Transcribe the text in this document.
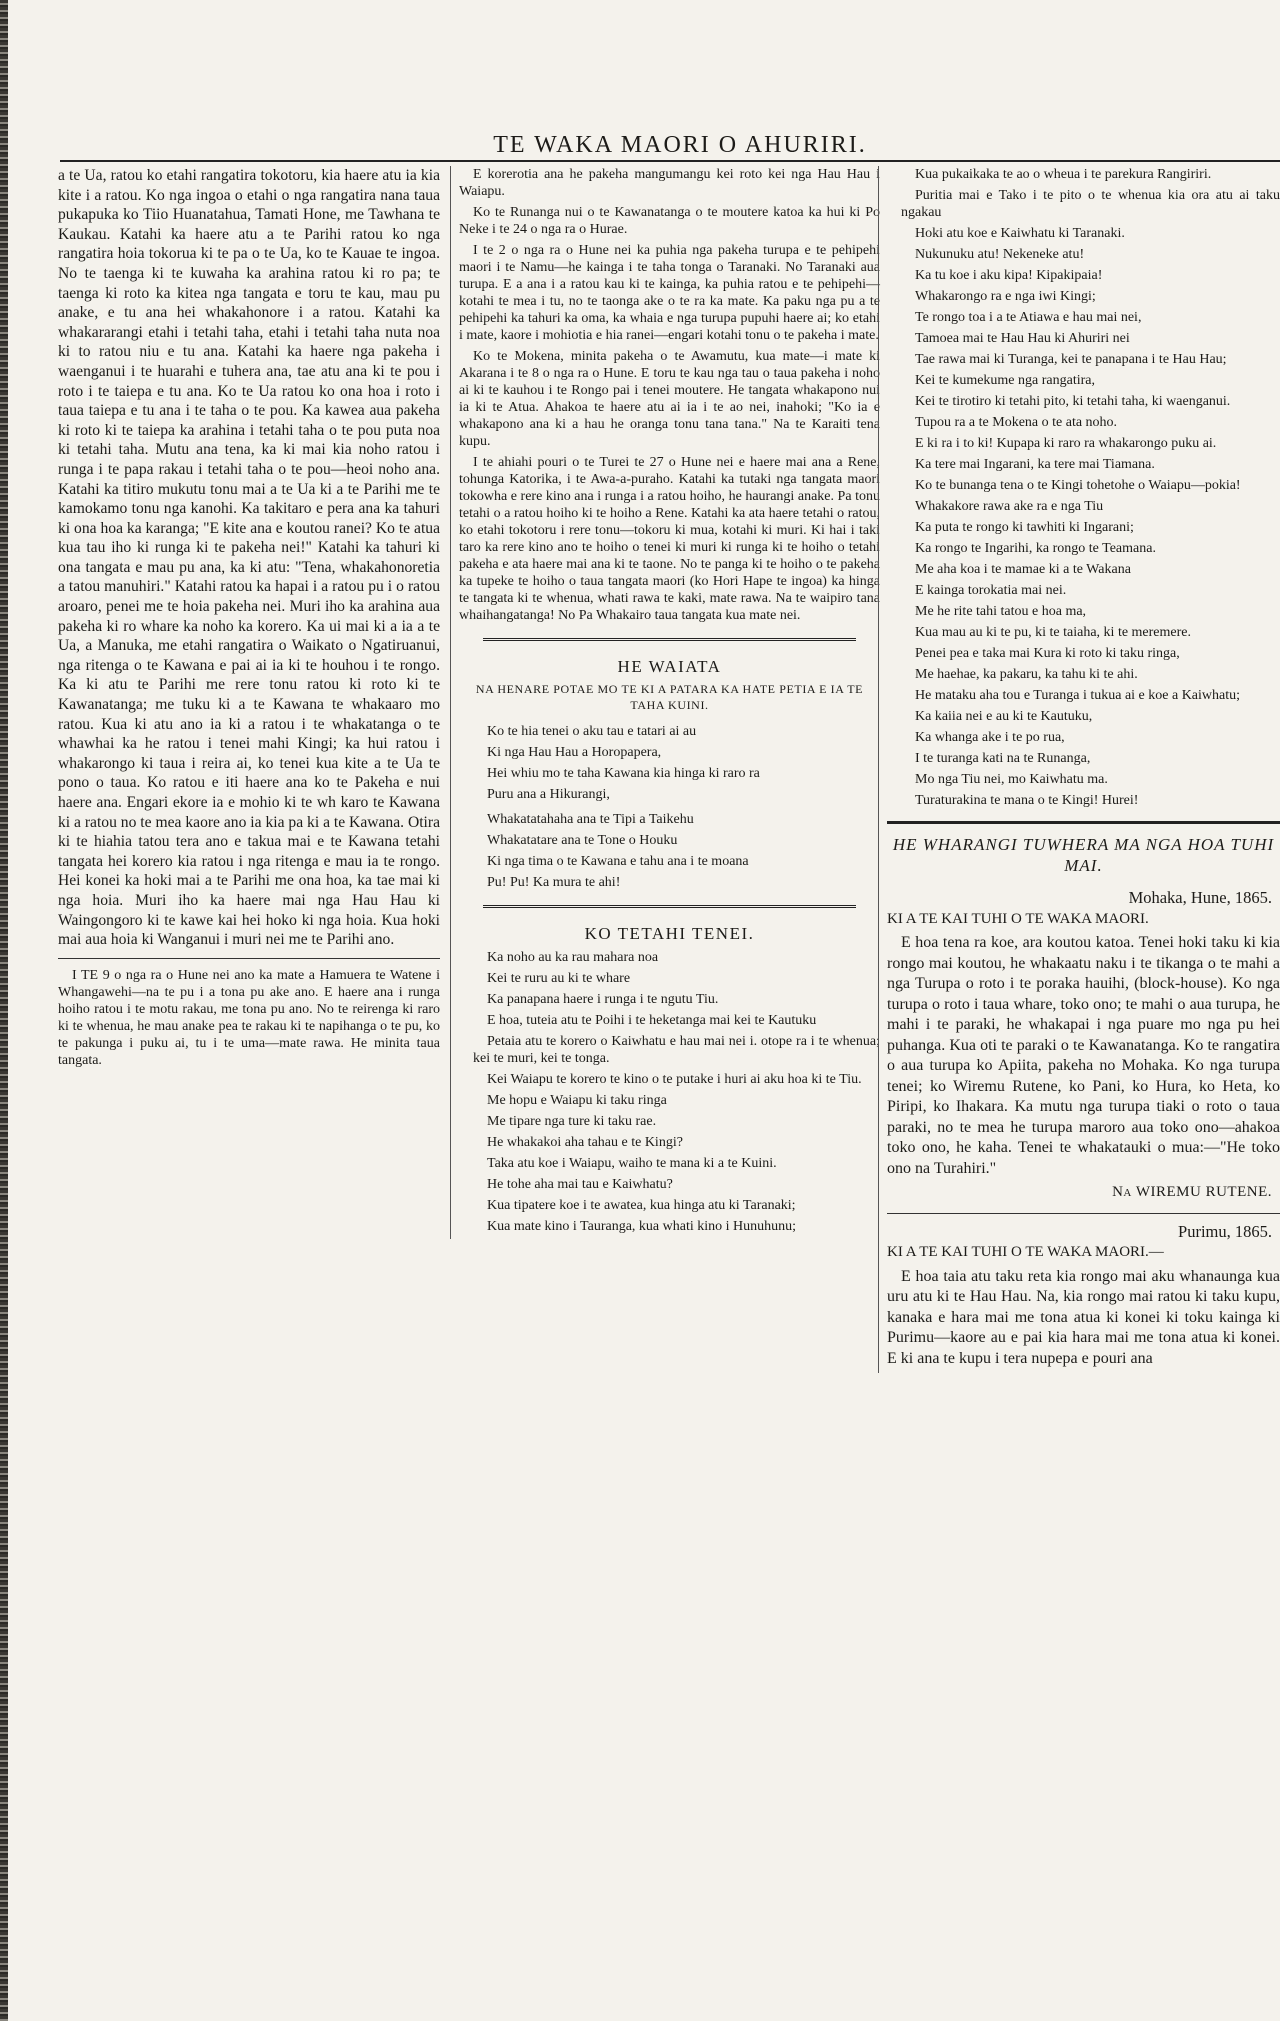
TE WAKA MAORI O AHURIRI.

a te Ua, ratou ko etahi rangatira tokotoru, kia haere atu ia kia kite i a ratou. Ko nga ingoa o etahi o nga rangatira nana taua pukapuka ko Tiio Huanatahua, Tamati Hone, me Tawhana te Kaukau. Katahi ka haere atu a te Parihi ratou ko nga rangatira hoia tokorua ki te pa o te Ua, ko te Kauae te ingoa. No te taenga ki te kuwaha ka arahina ratou ki ro pa; te taenga ki roto ka kitea nga tangata e toru te kau, mau pu anake, e tu ana hei whakahonore i a ratou. Katahi ka whakararangi etahi i tetahi taha, etahi i tetahi taha nuta noa ki to ratou niu e tu ana. Katahi ka haere nga pakeha i waenganui i te huarahi e tuhera ana, tae atu ana ki te pou i roto i te taiepa e tu ana. Ko te Ua ratou ko ona hoa i roto i taua taiepa e tu ana i te taha o te pou. Ka kawea aua pakeha ki roto ki te taiepa ka arahina i tetahi taha o te pou puta noa ki tetahi taha. Mutu ana tena, ka ki mai kia noho ratou i runga i te papa rakau i tetahi taha o te pou—heoi noho ana. Katahi ka titiro mukutu tonu mai a te Ua ki a te Parihi me te kamokamo tonu nga kanohi. Ka takitaro e pera ana ka tahuri ki ona hoa ka karanga; "E kite ana e koutou ranei? Ko te atua kua tau iho ki runga ki te pakeha nei!" Katahi ka tahuri ki ona tangata e mau pu ana, ka ki atu: "Tena, whakahonoretia a tatou manuhiri." Katahi ratou ka hapai i a ratou pu i o ratou aroaro, penei me te hoia pakeha nei. Muri iho ka arahina aua pakeha ki ro whare ka noho ka korero. Ka ui mai ki a ia a te Ua, a Manuka, me etahi rangatira o Waikato o Ngatiruanui, nga ritenga o te Kawana e pai ai ia ki te houhou i te rongo. Ka ki atu te Parihi me rere tonu ratou ki roto ki te Kawanatanga; me tuku ki a te Kawana te whakaaro mo ratou. Kua ki atu ano ia ki a ratou i te whakatanga o te whawhai ka he ratou i tenei mahi Kingi; ka hui ratou i whakarongo ki taua i reira ai, ko tenei kua kite a te Ua te pono o taua. Ko ratou e iti haere ana ko te Pakeha e nui haere ana. Engari ekore ia e mohio ki te wh karo te Kawana ki a ratou no te mea kaore ano ia kia pa ki a te Kawana. Otira ki te hiahia tatou tera ano e takua mai e te Kawana tetahi tangata hei korero kia ratou i nga ritenga e mau ia te rongo. Hei konei ka hoki mai a te Parihi me ona hoa, ka tae mai ki nga hoia. Muri iho ka haere mai nga Hau Hau ki Waingongoro ki te kawe kai hei hoko ki nga hoia. Kua hoki mai aua hoia ki Wanganui i muri nei me te Parihi ano.

I TE 9 o nga ra o Hune nei ano ka mate a Hamuera te Watene i Whangawehi—na te pu i a tona pu ake ano. E haere ana i runga hoiho ratou i te motu rakau, me tona pu ano. No te reirenga ki raro ki te whenua, he mau anake pea te rakau ki te napihanga o te pu, ko te pakunga i puku ai, tu i te uma—mate rawa. He minita taua tangata.

E korerotia ana he pakeha mangumangu kei roto kei nga Hau Hau i Waiapu.

Ko te Runanga nui o te Kawanatanga o te moutere katoa ka hui ki Po Neke i te 24 o nga ra o Hurae.

I te 2 o nga ra o Hune nei ka puhia nga pakeha turupa e te pehipehi maori i te Namu—he kainga i te taha tonga o Taranaki. No Taranaki aua turupa. E a ana i a ratou kau ki te kainga, ka puhia ratou e te pehipehi—kotahi te mea i tu, no te taonga ake o te ra ka mate. Ka paku nga pu a te pehipehi ka tahuri ka oma, ka whaia e nga turupa pupuhi haere ai; ko etahi i mate, kaore i mohiotia e hia ranei—engari kotahi tonu o te pakeha i mate.

Ko te Mokena, minita pakeha o te Awamutu, kua mate—i mate ki Akarana i te 8 o nga ra o Hune. E toru te kau nga tau o taua pakeha i noho ai ki te kauhou i te Rongo pai i tenei moutere. He tangata whakapono nui ia ki te Atua. Ahakoa te haere atu ai ia i te ao nei, inahoki; "Ko ia e whakapono ana ki a hau he oranga tonu tana tana." Na te Karaiti tena kupu.

I te ahiahi pouri o te Turei te 27 o Hune nei e haere mai ana a Rene, tohunga Katorika, i te Awa-a-puraho. Katahi ka tutaki nga tangata maori tokowha e rere kino ana i runga i a ratou hoiho, he haurangi anake. Pa tonu tetahi o a ratou hoiho ki te hoiho a Rene. Katahi ka ata haere tetahi o ratou, ko etahi tokotoru i rere tonu—tokoru ki mua, kotahi ki muri. Ki hai i taki taro ka rere kino ano te hoiho o tenei ki muri ki runga ki te hoiho o tetahi pakeha e ata haere mai ana ki te taone. No te panga ki te hoiho o te pakeha ka tupeke te hoiho o taua tangata maori (ko Hori Hape te ingoa) ka hinga te tangata ki te whenua, whati rawa te kaki, mate rawa. Na te waipiro tana whaihangatanga! No Pa Whakairo taua tangata kua mate nei.

HE WAIATA
NA HENARE POTAE MO TE KI A PATARA KA HATE PETIA E IA TE TAHA KUINI.

Ko te hia tenei o aku tau e tatari ai au

Ki nga Hau Hau a Horopapera,

Hei whiu mo te taha Kawana kia hinga ki raro ra

Puru ana a Hikurangi,

Whakatatahaha ana te Tipi a Taikehu

Whakatatare ana te Tone o Houku

Ki nga tima o te Kawana e tahu ana i te moana

Pu! Pu! Ka mura te ahi!

KO TETAHI TENEI.

Ka noho au ka rau mahara noa

Kei te ruru au ki te whare

Ka panapana haere i runga i te ngutu Tiu.

E hoa, tuteia atu te Poihi i te heketanga mai kei te Kautuku

Petaia atu te korero o Kaiwhatu e hau mai nei i. otope ra i te whenua; kei te muri, kei te tonga.

Kei Waiapu te korero te kino o te putake i huri ai aku hoa ki te Tiu.

Me hopu e Waiapu ki taku ringa

Me tipare nga ture ki taku rae.

He whakakoi aha tahau e te Kingi?

Taka atu koe i Waiapu, waiho te mana ki a te Kuini.

He tohe aha mai tau e Kaiwhatu?

Kua tipatere koe i te awatea, kua hinga atu ki Taranaki;

Kua mate kino i Tauranga, kua whati kino i Hunuhunu;

Kua pukaikaka te ao o wheua i te parekura Rangiriri.

Puritia mai e Tako i te pito o te whenua kia ora atu ai taku ngakau

Hoki atu koe e Kaiwhatu ki Taranaki.

Nukunuku atu! Nekeneke atu!

Ka tu koe i aku kipa! Kipakipaia!

Whakarongo ra e nga iwi Kingi;

Te rongo toa i a te Atiawa e hau mai nei,

Tamoea mai te Hau Hau ki Ahuriri nei

Tae rawa mai ki Turanga, kei te panapana i te Hau Hau;

Kei te kumekume nga rangatira,

Kei te tirotiro ki tetahi pito, ki tetahi taha, ki waenganui.

Tupou ra a te Mokena o te ata noho.

E ki ra i to ki! Kupapa ki raro ra whakarongo puku ai.

Ka tere mai Ingarani, ka tere mai Tiamana.

Ko te bunanga tena o te Kingi tohetohe o Waiapu—pokia!

Whakakore rawa ake ra e nga Tiu

Ka puta te rongo ki tawhiti ki Ingarani;

Ka rongo te Ingarihi, ka rongo te Teamana.

Me aha koa i te mamae ki a te Wakana

E kainga torokatia mai nei.

Me he rite tahi tatou e hoa ma,

Kua mau au ki te pu, ki te taiaha, ki te meremere.

Penei pea e taka mai Kura ki roto ki taku ringa,

Me haehae, ka pakaru, ka tahu ki te ahi.

He mataku aha tou e Turanga i tukua ai e koe a Kaiwhatu;

Ka kaiia nei e au ki te Kautuku,

Ka whanga ake i te po rua,

I te turanga kati na te Runanga,

Mo nga Tiu nei, mo Kaiwhatu ma.

Turaturakina te mana o te Kingi! Hurei!

HE WHARANGI TUWHERA MA NGA HOA TUHI MAI.
Mohaka, Hune, 1865.
KI A TE KAI TUHI O TE WAKA MAORI.

E hoa tena ra koe, ara koutou katoa. Tenei hoki taku ki kia rongo mai koutou, he whakaatu naku i te tikanga o te mahi a nga Turupa o roto i te poraka hauihi, (block-house). Ko nga turupa o roto i taua whare, toko ono; te mahi o aua turupa, he mahi i te paraki, he whakapai i nga puare mo nga pu hei puhanga. Kua oti te paraki o te Kawanatanga. Ko te rangatira o aua turupa ko Apiita, pakeha no Mohaka. Ko nga turupa tenei; ko Wiremu Rutene, ko Pani, ko Hura, ko Heta, ko Piripi, ko Ihakara. Ka mutu nga turupa tiaki o roto o taua paraki, no te mea he turupa maroro aua toko ono—ahakoa toko ono, he kaha. Tenei te whakatauki o mua:—"He toko ono na Turahiri."

Na WIREMU RUTENE.
Purimu, 1865.
KI A TE KAI TUHI O TE WAKA MAORI.—

E hoa taia atu taku reta kia rongo mai aku whanaunga kua uru atu ki te Hau Hau. Na, kia rongo mai ratou ki taku kupu, kanaka e hara mai me tona atua ki konei ki toku kainga ki Purimu—kaore au e pai kia hara mai me tona atua ki konei. E ki ana te kupu i tera nupepa e pouri ana
